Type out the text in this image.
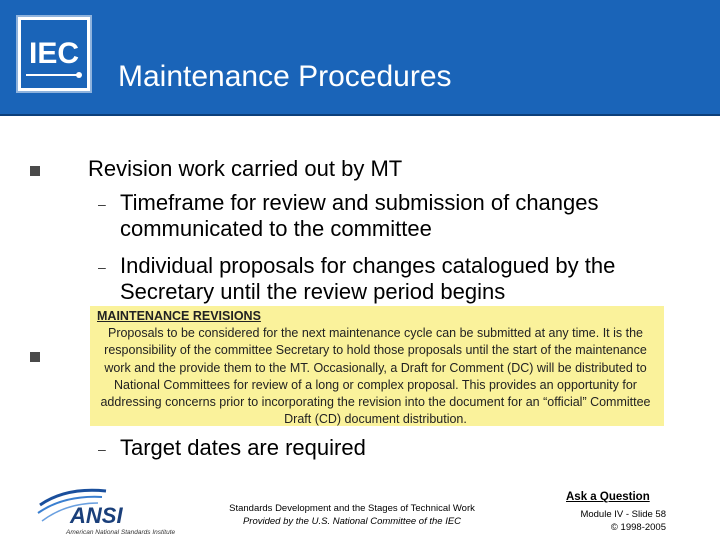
IEC
Maintenance Procedures
Revision work carried out by MT
– Timeframe for review and submission of changes
communicated to the committee
– Individual proposals for changes catalogued by the
Secretary until the review period begins
– Target dates are required
MAINTENANCE REVISIONS
Proposals to be considered for the next maintenance cycle can be submitted at any time. It is the responsibility of the committee Secretary to hold those proposals until the start of the maintenance work and the provide them to the MT. Occasionally, a Draft for Comment (DC) will be distributed to National Committees for review of a long or complex proposal. This provides an opportunity for addressing concerns prior to incorporating the revision into the document for an “official” Committee Draft (CD) document distribution.
ANSI
American National Standards Institute
Standards Development and the Stages of Technical Work

Provided by the U.S. National Committee of the IEC
Ask a Question
Module IV - Slide 58
© 1998-2005
